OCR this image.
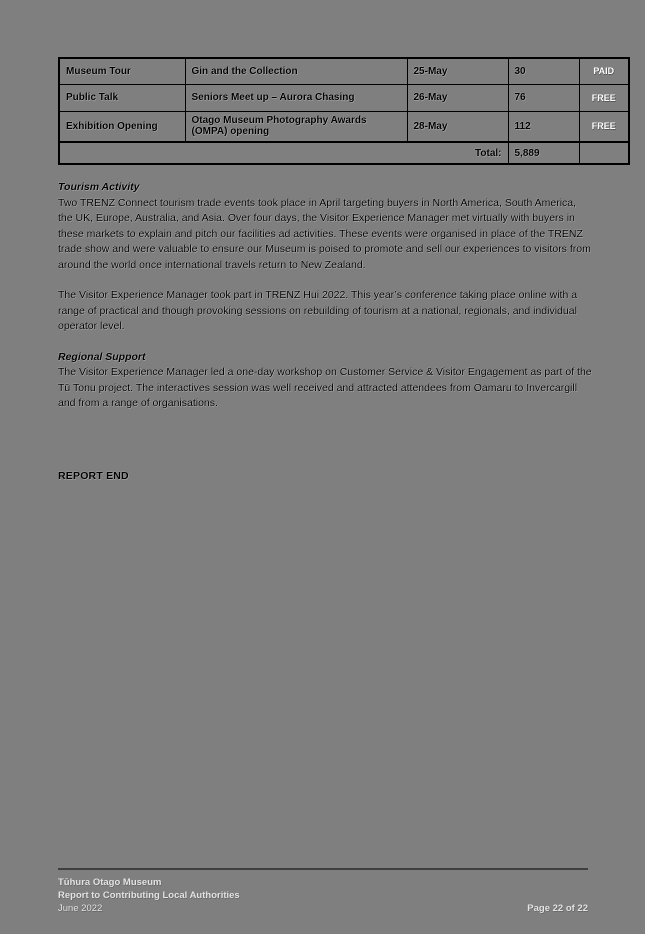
Museum Tour	Gin and the Collection	25-May	30	PAID
Public Talk	Seniors Meet up – Aurora Chasing	26-May	76	FREE
Exhibition Opening	Otago Museum Photography Awards (OMPA) opening	28-May	112	FREE
Total:			5,889	
Tourism Activity

Two TRENZ Connect tourism trade events took place in April targeting buyers in North America, South America, the UK, Europe, Australia, and Asia. Over four days, the Visitor Experience Manager met virtually with buyers in these markets to explain and pitch our facilities ad activities. These events were organised in place of the TRENZ trade show and were valuable to ensure our Museum is poised to promote and sell our experiences to visitors from around the world once international travels return to New Zealand.

The Visitor Experience Manager took part in TRENZ Hui 2022. This year’s conference taking place online with a range of practical and though provoking sessions on rebuilding of tourism at a national, regionals, and individual operator level.

Regional Support

The Visitor Experience Manager led a one-day workshop on Customer Service & Visitor Engagement as part of the Tū Tonu project. The interactives session was well received and attracted attendees from Oamaru to Invercargill and from a range of organisations.

REPORT END
Tūhura Otago Museum
Report to Contributing Local Authorities
June 2022	Page 22 of 22
